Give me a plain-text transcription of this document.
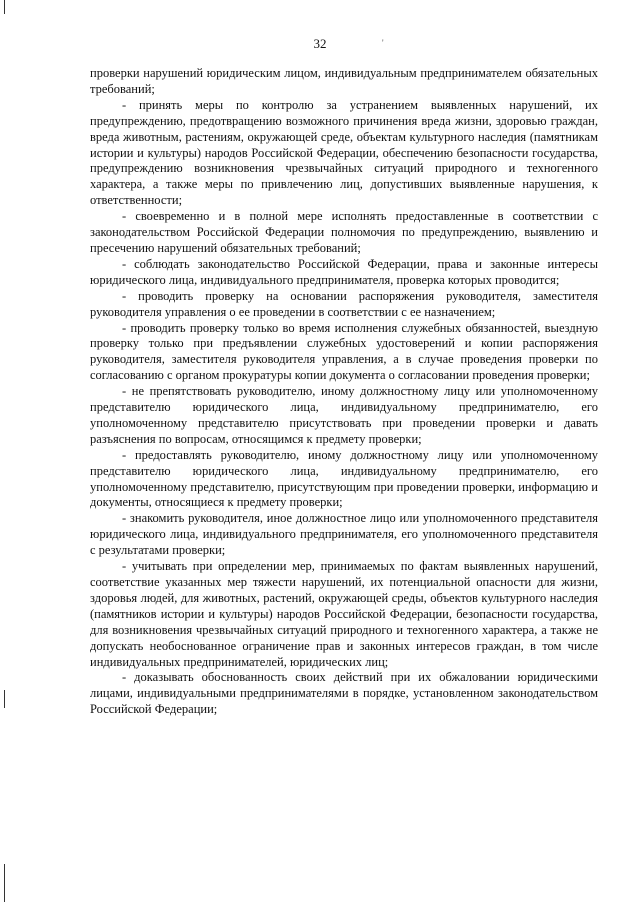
32	'

проверки нарушений юридическим лицом, индивидуальным предпринимателем обязательных требований;

- принять меры по контролю за устранением выявленных нарушений, их предупреждению, предотвращению возможного причинения вреда жизни, здоровью граждан, вреда животным, растениям, окружающей среде, объектам культурного наследия (памятникам истории и культуры) народов Российской Федерации, обеспечению безопасности государства, предупреждению возникновения чрезвычайных ситуаций природного и техногенного характера, а также меры по привлечению лиц, допустивших выявленные нарушения, к ответственности;

- своевременно и в полной мере исполнять предоставленные в соответствии с законодательством Российской Федерации полномочия по предупреждению, выявлению и пресечению нарушений обязательных требований;

- соблюдать законодательство Российской Федерации, права и законные интересы юридического лица, индивидуального предпринимателя, проверка которых проводится;

- проводить проверку на основании распоряжения руководителя, заместителя руководителя управления о ее проведении в соответствии с ее назначением;

- проводить проверку только во время исполнения служебных обязанностей, выездную проверку только при предъявлении служебных удостоверений и копии распоряжения руководителя, заместителя руководителя управления, а в случае проведения проверки по согласованию с органом прокуратуры копии документа о согласовании проведения проверки;

- не препятствовать руководителю, иному должностному лицу или уполномоченному представителю юридического лица, индивидуальному предпринимателю, его уполномоченному представителю присутствовать при проведении проверки и давать разъяснения по вопросам, относящимся к предмету проверки;

- предоставлять руководителю, иному должностному лицу или уполномоченному представителю юридического лица, индивидуальному предпринимателю, его уполномоченному представителю, присутствующим при проведении проверки, информацию и документы, относящиеся к предмету проверки;

- знакомить руководителя, иное должностное лицо или уполномоченного представителя юридического лица, индивидуального предпринимателя, его уполномоченного представителя с результатами проверки;

- учитывать при определении мер, принимаемых по фактам выявленных нарушений, соответствие указанных мер тяжести нарушений, их потенциальной опасности для жизни, здоровья людей, для животных, растений, окружающей среды, объектов культурного наследия (памятников истории и культуры) народов Российской Федерации, безопасности государства, для возникновения чрезвычайных ситуаций природного и техногенного характера, а также не допускать необоснованное ограничение прав и законных интересов граждан, в том числе индивидуальных предпринимателей, юридических лиц;

- доказывать обоснованность своих действий при их обжаловании юридическими лицами, индивидуальными предпринимателями в порядке, установленном законодательством Российской Федерации;
